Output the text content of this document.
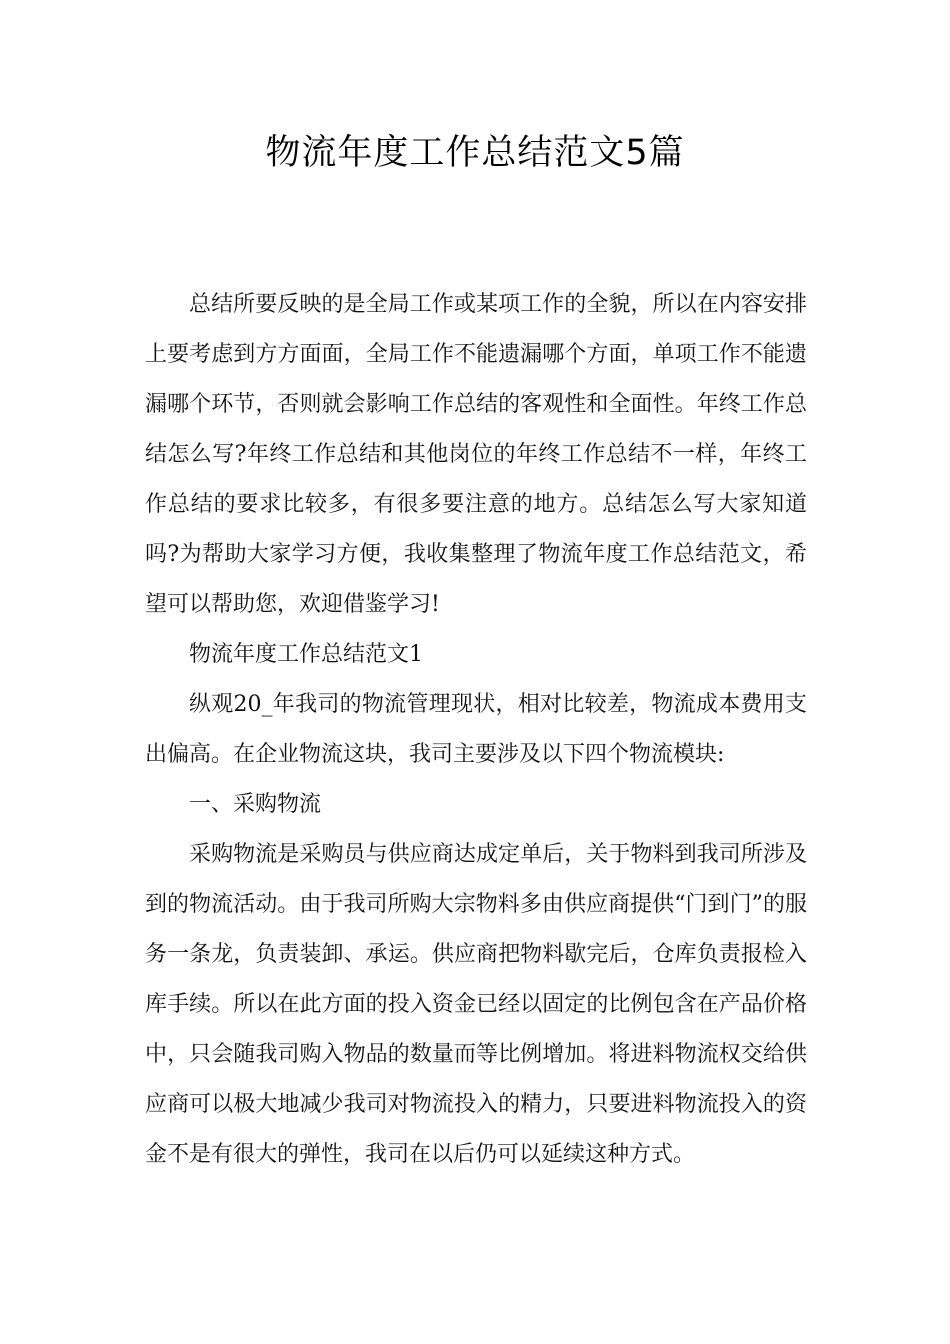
物流年度工作总结范文5篇

总结所要反映的是全局工作或某项工作的全貌，所以在内容安排上要考虑到方方面面，全局工作不能遗漏哪个方面，单项工作不能遗漏哪个环节，否则就会影响工作总结的客观性和全面性。年终工作总结怎么写?年终工作总结和其他岗位的年终工作总结不一样，年终工作总结的要求比较多，有很多要注意的地方。总结怎么写大家知道吗?为帮助大家学习方便，我收集整理了物流年度工作总结范文，希望可以帮助您，欢迎借鉴学习!

物流年度工作总结范文1

纵观20_年我司的物流管理现状，相对比较差，物流成本费用支出偏高。在企业物流这块，我司主要涉及以下四个物流模块:

一、采购物流

采购物流是采购员与供应商达成定单后，关于物料到我司所涉及到的物流活动。由于我司所购大宗物料多由供应商提供“门到门”的服务一条龙，负责装卸、承运。供应商把物料歇完后，仓库负责报检入库手续。所以在此方面的投入资金已经以固定的比例包含在产品价格中，只会随我司购入物品的数量而等比例增加。将进料物流权交给供应商可以极大地减少我司对物流投入的精力，只要进料物流投入的资金不是有很大的弹性，我司在以后仍可以延续这种方式。
